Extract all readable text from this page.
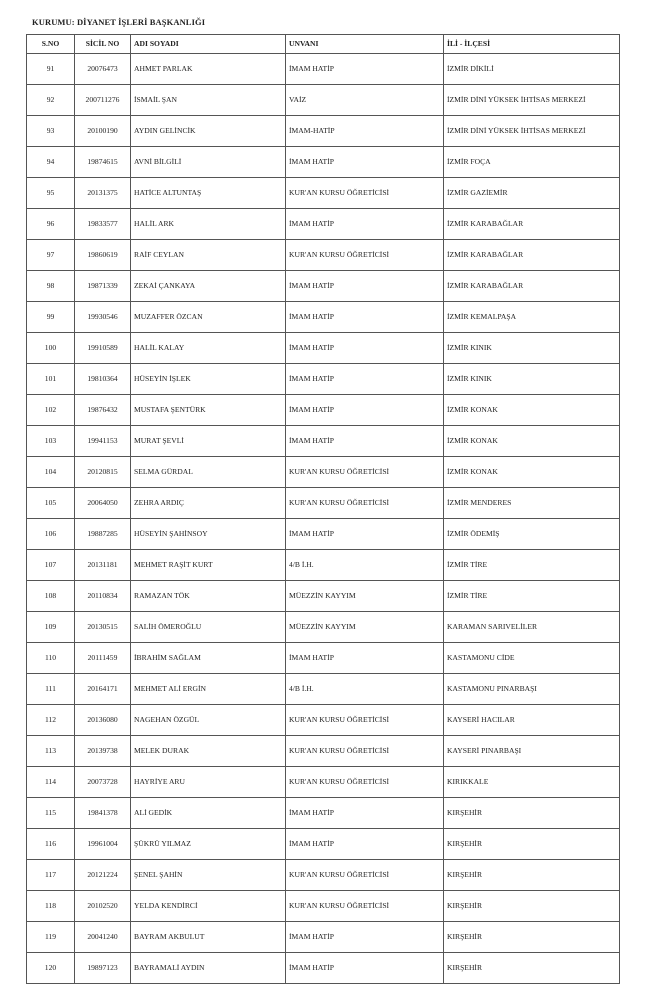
KURUMU: DİYANET İŞLERİ BAŞKANLIĞI
S.NO	SİCİL NO	ADI SOYADI	UNVANI	İLİ - İLÇESİ
91	20076473	AHMET PARLAK	İMAM HATİP	İZMİR DİKİLİ
92	200711276	İSMAİL ŞAN	VAİZ	İZMİR DİNİ YÜKSEK İHTİSAS MERKEZİ
93	20100190	AYDIN GELİNCİK	İMAM-HATİP	İZMİR DİNİ YÜKSEK İHTİSAS MERKEZİ
94	19874615	AVNİ BİLGİLİ	İMAM HATİP	İZMİR FOÇA
95	20131375	HATİCE ALTUNTAŞ	KUR'AN KURSU ÖĞRETİCİSİ	İZMİR GAZİEMİR
96	19833577	HALİL ARK	İMAM HATİP	İZMİR KARABAĞLAR
97	19860619	RAİF CEYLAN	KUR'AN KURSU ÖĞRETİCİSİ	İZMİR KARABAĞLAR
98	19871339	ZEKAİ ÇANKAYA	İMAM HATİP	İZMİR KARABAĞLAR
99	19930546	MUZAFFER ÖZCAN	İMAM HATİP	İZMİR KEMALPAŞA
100	19910589	HALİL KALAY	İMAM HATİP	İZMİR KINIK
101	19810364	HÜSEYİN İŞLEK	İMAM HATİP	İZMİR KINIK
102	19876432	MUSTAFA ŞENTÜRK	İMAM HATİP	İZMİR KONAK
103	19941153	MURAT ŞEVLİ	İMAM HATİP	İZMİR KONAK
104	20120815	SELMA GÜRDAL	KUR'AN KURSU ÖĞRETİCİSİ	İZMİR KONAK
105	20064050	ZEHRA ARDIÇ	KUR'AN KURSU ÖĞRETİCİSİ	İZMİR MENDERES
106	19887285	HÜSEYİN ŞAHİNSOY	İMAM HATİP	İZMİR ÖDEMİŞ
107	20131181	MEHMET RAŞİT KURT	4/B İ.H.	İZMİR TİRE
108	20110834	RAMAZAN TÖK	MÜEZZİN KAYYIM	İZMİR TİRE
109	20130515	SALİH ÖMEROĞLU	MÜEZZİN KAYYIM	KARAMAN SARIVELİLER
110	20111459	İBRAHİM SAĞLAM	İMAM HATİP	KASTAMONU CİDE
111	20164171	MEHMET ALİ ERGİN	4/B İ.H.	KASTAMONU PINARBAŞI
112	20136080	NAGEHAN ÖZGÜL	KUR'AN KURSU ÖĞRETİCİSİ	KAYSERİ HACILAR
113	20139738	MELEK DURAK	KUR'AN KURSU ÖĞRETİCİSİ	KAYSERİ PINARBAŞI
114	20073728	HAYRİYE ARU	KUR'AN KURSU ÖĞRETİCİSİ	KIRIKKALE
115	19841378	ALİ GEDİK	İMAM HATİP	KIRŞEHİR
116	19961004	ŞÜKRÜ YILMAZ	İMAM HATİP	KIRŞEHİR
117	20121224	ŞENEL ŞAHİN	KUR'AN KURSU ÖĞRETİCİSİ	KIRŞEHİR
118	20102520	YELDA KENDİRCİ	KUR'AN KURSU ÖĞRETİCİSİ	KIRŞEHİR
119	20041240	BAYRAM AKBULUT	İMAM HATİP	KIRŞEHİR
120	19897123	BAYRAMALİ AYDIN	İMAM HATİP	KIRŞEHİR
